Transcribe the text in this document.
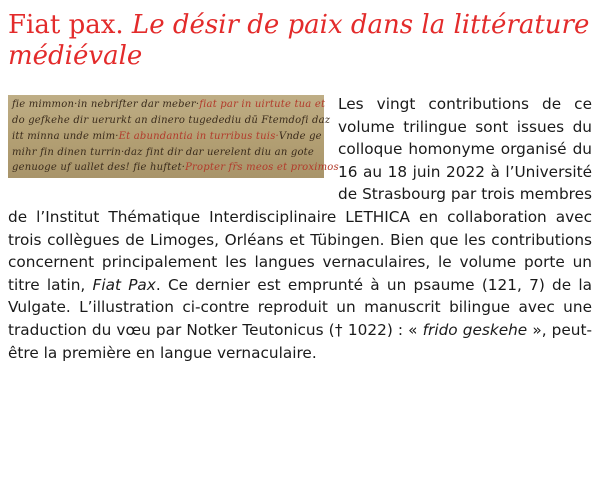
Fiat pax. Le désir de paix dans la littérature médiévale
fie mimmon·in nebrifter dar meber·fiat par in uirtute tua et
do gefkehe dir uerurkt an dinero tugedediu dū Ftemdofi daz
itt minna unde mim·Et abundantia in turribus tuis·Vnde ge
mihr fin dinen turrin·daz fint dir dar uerelent diu an gote
genuoge uf uallet des! fie huftet·Propter fr̄s meos et proximos

Les vingt contributions de ce volume trilingue sont issues du colloque homonyme organisé du 16 au 18 juin 2022 à l’Université de Strasbourg par trois membres de l’Institut Thématique Interdisciplinaire LETHICA en collaboration avec trois collègues de Limoges, Orléans et Tübingen. Bien que les contributions concernent principalement les langues vernaculaires, le volume porte un titre latin, Fiat Pax. Ce dernier est emprunté à un psaume (121, 7) de la Vulgate. L’illustration ci-contre reproduit un manuscrit bilingue avec une traduction du vœu par Notker Teutonicus († 1022) : « frido geskehe », peut-être la première en langue vernaculaire.
